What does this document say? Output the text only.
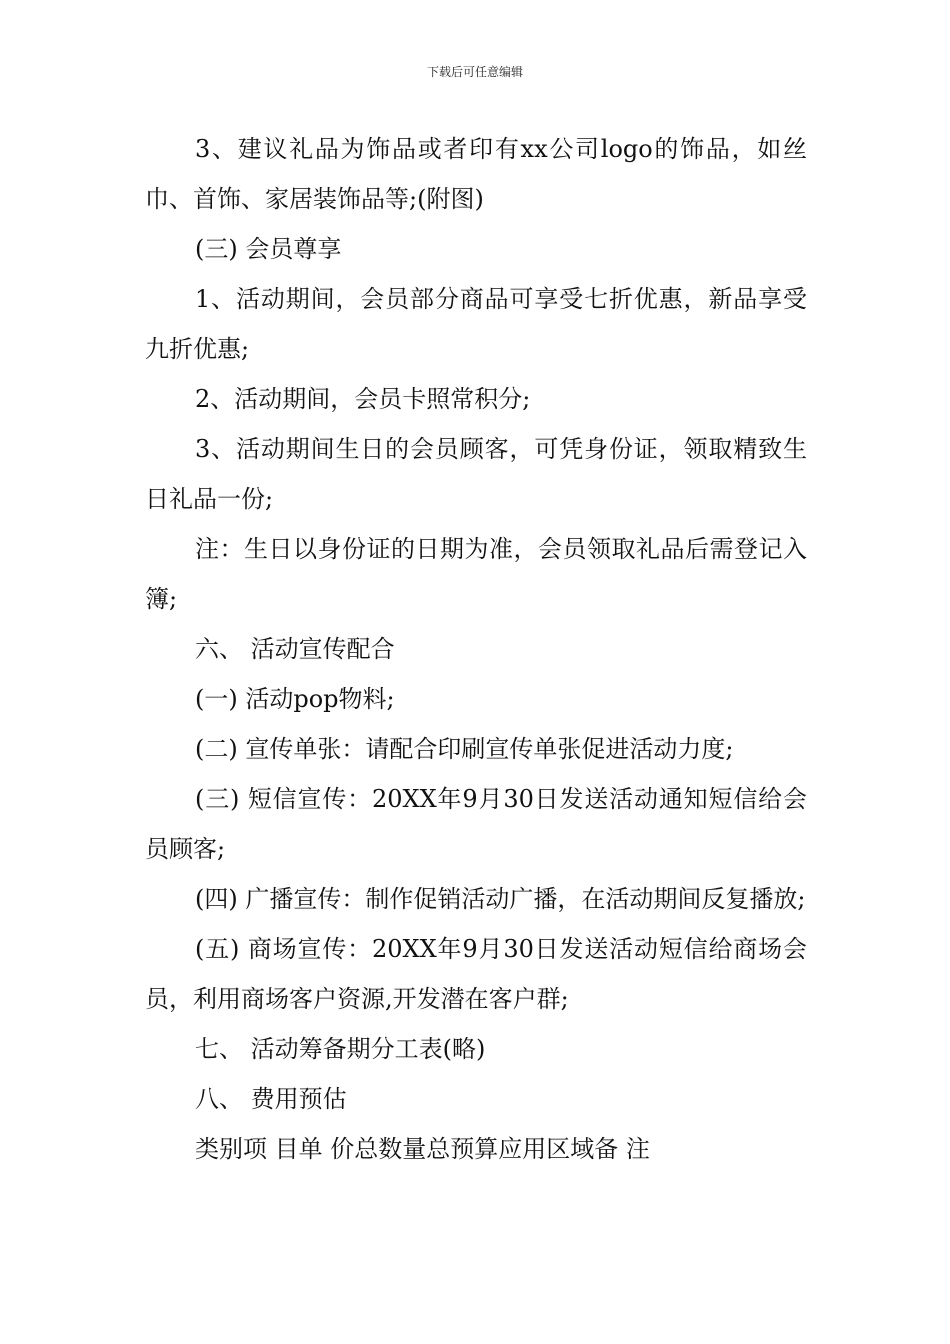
下载后可任意编辑

3、建议礼品为饰品或者印有xx公司logo的饰品，如丝巾、首饰、家居装饰品等;(附图)

(三) 会员尊享

1、活动期间，会员部分商品可享受七折优惠，新品享受九折优惠;

2、活动期间，会员卡照常积分;

3、活动期间生日的会员顾客，可凭身份证，领取精致生日礼品一份;

注：生日以身份证的日期为准，会员领取礼品后需登记入簿;

六、 活动宣传配合

(一) 活动pop物料;

(二) 宣传单张：请配合印刷宣传单张促进活动力度;

(三) 短信宣传：20XX年9月30日发送活动通知短信给会员顾客;

(四) 广播宣传：制作促销活动广播，在活动期间反复播放;

(五) 商场宣传：20XX年9月30日发送活动短信给商场会员，利用商场客户资源,开发潜在客户群;

七、 活动筹备期分工表(略)

八、 费用预估

类别项 目单 价总数量总预算应用区域备 注
